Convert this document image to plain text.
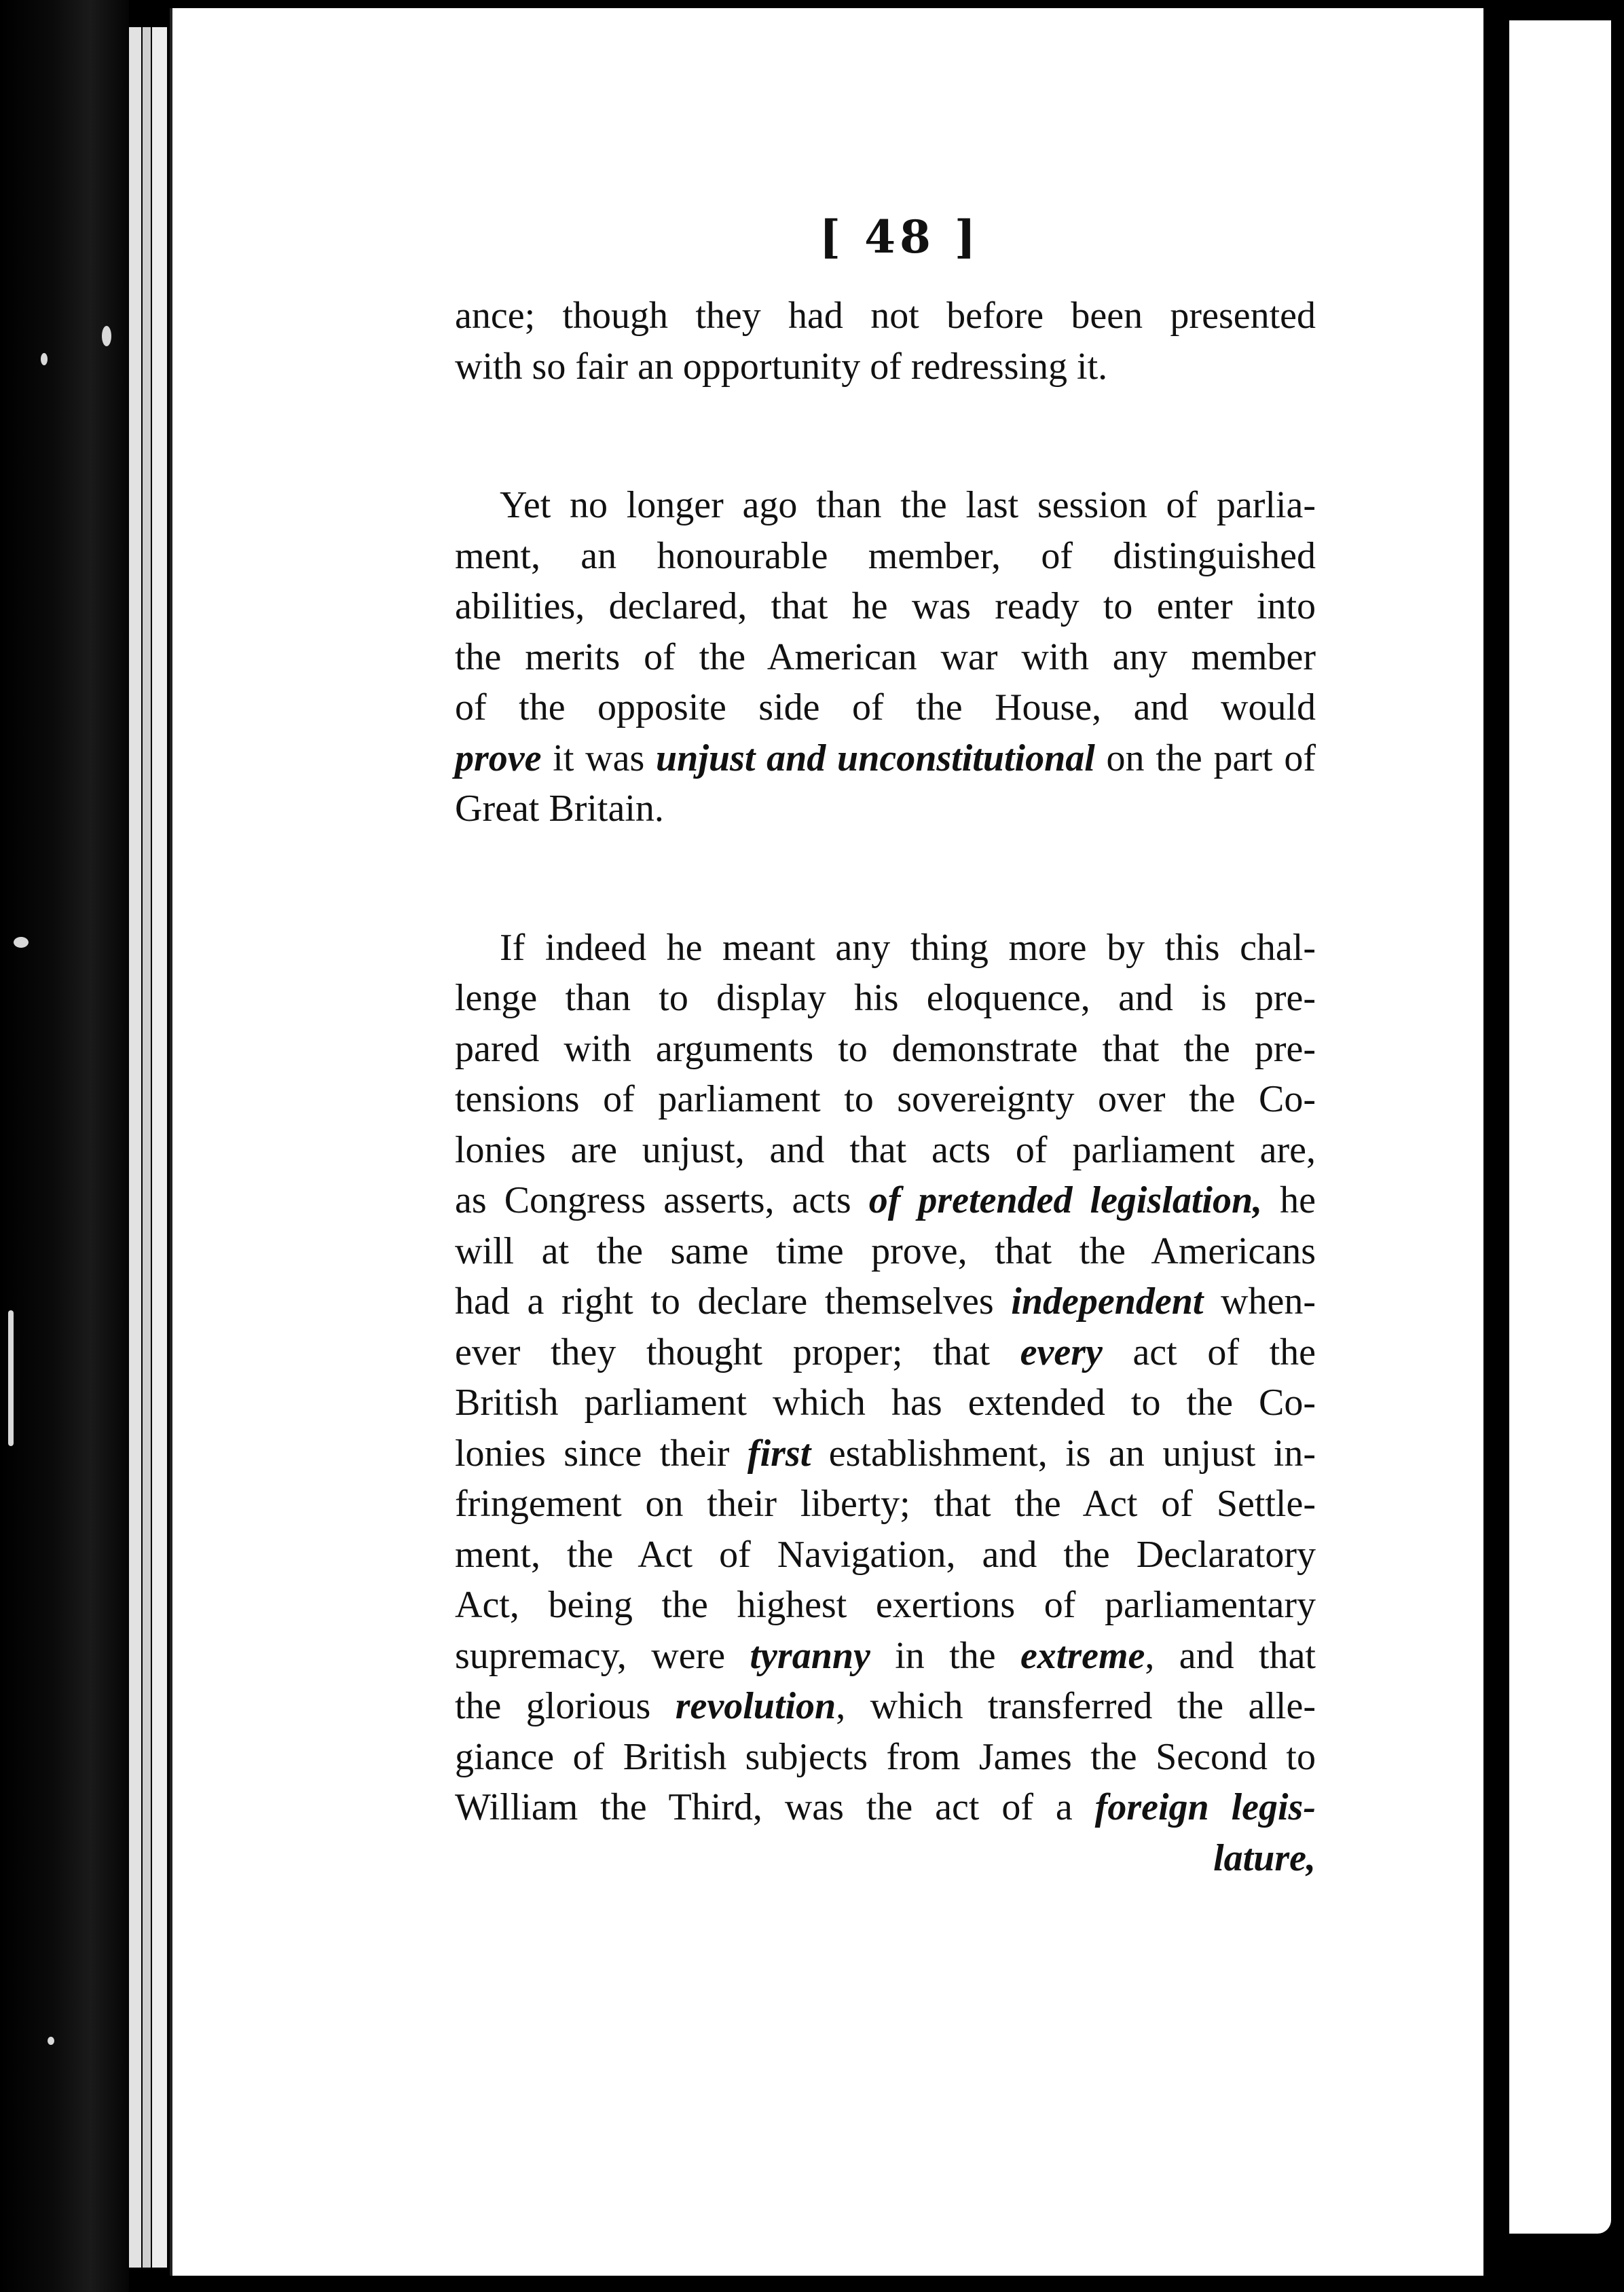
[ 48 ]

ance; though they had not before been presented
with so fair an opportunity of redressing it.

Yet no longer ago than the last session of parlia-
ment, an honourable member, of distinguished
abilities, declared, that he was ready to enter into
the merits of the American war with any member
of the opposite side of the House, and would
prove it was unjust and unconstitutional on the part of
Great Britain.

If indeed he meant any thing more by this chal-
lenge than to display his eloquence, and is pre-
pared with arguments to demonstrate that the pre-
tensions of parliament to sovereignty over the Co-
lonies are unjust, and that acts of parliament are,
as Congress asserts, acts of pretended legislation, he
will at the same time prove, that the Americans
had a right to declare themselves independent when-
ever they thought proper; that every act of the
British parliament which has extended to the Co-
lonies since their first establishment, is an unjust in-
fringement on their liberty; that the Act of Settle-
ment, the Act of Navigation, and the Declaratory
Act, being the highest exertions of parliamentary
supremacy, were tyranny in the extreme, and that
the glorious revolution, which transferred the alle-
giance of British subjects from James the Second to
William the Third, was the act of a foreign legis-
lature,
